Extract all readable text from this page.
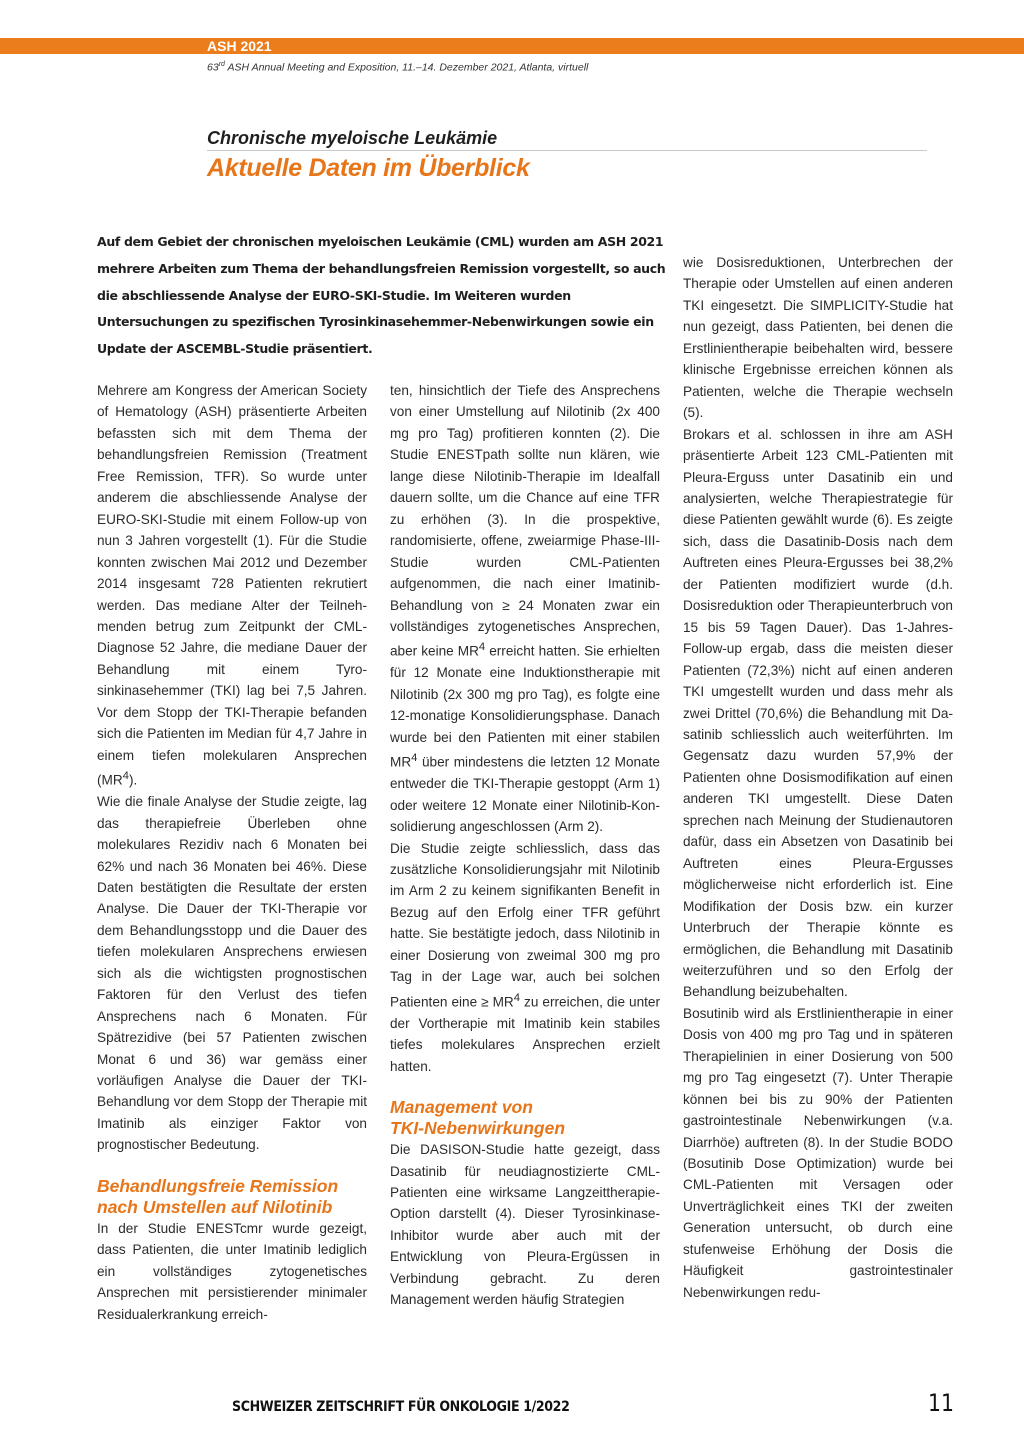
ASH 2021

63rd ASH Annual Meeting and Exposition, 11.–14. Dezember 2021, Atlanta, virtuell

Chronische myeloische Leukämie

Aktuelle Daten im Überblick

Auf dem Gebiet der chronischen myeloischen Leukämie (CML) wurden am ASH 2021 mehrere Arbeiten zum Thema der behandlungsfreien Remission vorgestellt, so auch die abschliessende Analyse der EURO-SKI-Studie. Im Weiteren wurden Untersuchungen zu spezifischen Tyrosinkinasehemmer-Nebenwirkungen sowie ein Update der ASCEMBL-Studie präsentiert.

Mehrere am Kongress der American Society of Hematology (ASH) präsentierte Arbeiten befassten sich mit dem Thema der behandlungsfreien Remission (Treatment Free Remission, TFR). So wurde unter anderem die abschliessende Analyse der EURO-SKI-Studie mit einem Follow-up von nun 3 Jahren vorgestellt (1). Für die Studie konnten zwischen Mai 2012 und Dezember 2014 insgesamt 728 Patienten rekrutiert werden. Das mediane Alter der Teilnehmenden betrug zum Zeitpunkt der CML-Diagnose 52 Jahre, die mediane Dauer der Behandlung mit einem Tyrosinkinasehemmer (TKI) lag bei 7,5 Jahren. Vor dem Stopp der TKI-Therapie befanden sich die Patienten im Median für 4,7 Jahre in einem tiefen molekularen Ansprechen $(MR^4)$.

Wie die finale Analyse der Studie zeigte, lag das therapiefreie Überleben ohne molekulares Rezidiv nach 6 Monaten bei 62% und nach 36 Monaten bei 46%. Diese Daten bestätigten die Resultate der ersten Analyse. Die Dauer der TKI-Therapie vor dem Behandlungsstopp und die Dauer des tiefen molekularen Ansprechens erwiesen sich als die wichtigsten prognostischen Faktoren für den Verlust des tiefen Ansprechens nach 6 Monaten. Für Spätrezidive (bei 57 Patienten zwischen Monat 6 und 36) war gemäss einer vorläufigen Analyse die Dauer der TKI-Behandlung vor dem Stopp der Therapie mit Imatinib als einziger Faktor von prognostischer Bedeutung.

Behandlungsfreie Remission
nach Umstellen auf Nilotinib

In der Studie ENESTcmr wurde gezeigt, dass Patienten, die unter Imatinib lediglich ein vollständiges zytogenetisches Ansprechen mit persistierender minimaler Residualerkrankung erreich-

ten, hinsichtlich der Tiefe des Ansprechens von einer Umstellung auf Nilotinib (2x 400 mg pro Tag) profitieren konnten (2). Die Studie ENESTpath sollte nun klären, wie lange diese Nilotinib-Therapie im Idealfall dauern sollte, um die Chance auf eine TFR zu erhöhen (3). In die prospektive, randomisierte, offene, zweiarmige Phase-III-Studie wurden CML-Patienten aufgenommen, die nach einer Imatinib-Behandlung von ≥ 24 Monaten zwar ein vollständiges zytogenetisches Ansprechen, aber keine $MR^4$ erreicht hatten. Sie erhielten für 12 Monate eine Induktionstherapie mit Nilotinib (2x 300 mg pro Tag), es folgte eine 12-monatige Konsolidierungsphase. Danach wurde bei den Patienten mit einer stabilen $MR^4$ über mindestens die letzten 12 Monate entweder die TKI-Therapie gestoppt (Arm 1) oder weitere 12 Monate einer Nilotinib-Konsolidierung angeschlossen (Arm 2).

Die Studie zeigte schliesslich, dass das zusätzliche Konsolidierungsjahr mit Nilotinib im Arm 2 zu keinem signifikanten Benefit in Bezug auf den Erfolg einer TFR geführt hatte. Sie bestätigte jedoch, dass Nilotinib in einer Dosierung von zweimal 300 mg pro Tag in der Lage war, auch bei solchen Patienten eine ≥ $MR^4$ zu erreichen, die unter der Vortherapie mit Imatinib kein stabiles tiefes molekulares Ansprechen erzielt hatten.

Management von
TKI-Nebenwirkungen

Die DASISON-Studie hatte gezeigt, dass Dasatinib für neudiagnostizierte CML-Patienten eine wirksame Langzeittherapie-Option darstellt (4). Dieser Tyrosinkinase-Inhibitor wurde aber auch mit der Entwicklung von Pleura-Ergüssen in Verbindung gebracht. Zu deren Management werden häufig Strategien

wie Dosisreduktionen, Unterbrechen der Therapie oder Umstellen auf einen anderen TKI eingesetzt. Die SIMPLICITY-Studie hat nun gezeigt, dass Patienten, bei denen die Erstlinientherapie beibehalten wird, bessere klinische Ergebnisse erreichen können als Patienten, welche die Therapie wechseln (5).

Brokars et al. schlossen in ihre am ASH präsentierte Arbeit 123 CML-Patienten mit Pleura-Erguss unter Dasatinib ein und analysierten, welche Therapiestrategie für diese Patienten gewählt wurde (6). Es zeigte sich, dass die Dasatinib-Dosis nach dem Auftreten eines Pleura-Ergusses bei 38,2% der Patienten modifiziert wurde (d.h. Dosisreduktion oder Therapieunterbruch von 15 bis 59 Tagen Dauer). Das 1-Jahres-Follow-up ergab, dass die meisten dieser Patienten (72,3%) nicht auf einen anderen TKI umgestellt wurden und dass mehr als zwei Drittel (70,6%) die Behandlung mit Dasatinib schliesslich auch weiterführten. Im Gegensatz dazu wurden 57,9% der Patienten ohne Dosismodifikation auf einen anderen TKI umgestellt. Diese Daten sprechen nach Meinung der Studienautoren dafür, dass ein Absetzen von Dasatinib bei Auftreten eines Pleura-Ergusses möglicherweise nicht erforderlich ist. Eine Modifikation der Dosis bzw. ein kurzer Unterbruch der Therapie könnte es ermöglichen, die Behandlung mit Dasatinib weiterzuführen und so den Erfolg der Behandlung beizubehalten.

Bosutinib wird als Erstlinientherapie in einer Dosis von 400 mg pro Tag und in späteren Therapielinien in einer Dosierung von 500 mg pro Tag eingesetzt (7). Unter Therapie können bei bis zu 90% der Patienten gastrointestinale Nebenwirkungen (v.a. Diarrhöe) auftreten (8). In der Studie BODO (Bosutinib Dose Optimization) wurde bei CML-Patienten mit Versagen oder Unverträglichkeit eines TKI der zweiten Generation untersucht, ob durch eine stufenweise Erhöhung der Dosis die Häufigkeit gastrointestinaler Nebenwirkungen redu-

SCHWEIZER ZEITSCHRIFT FÜR ONKOLOGIE 1/2022	11
